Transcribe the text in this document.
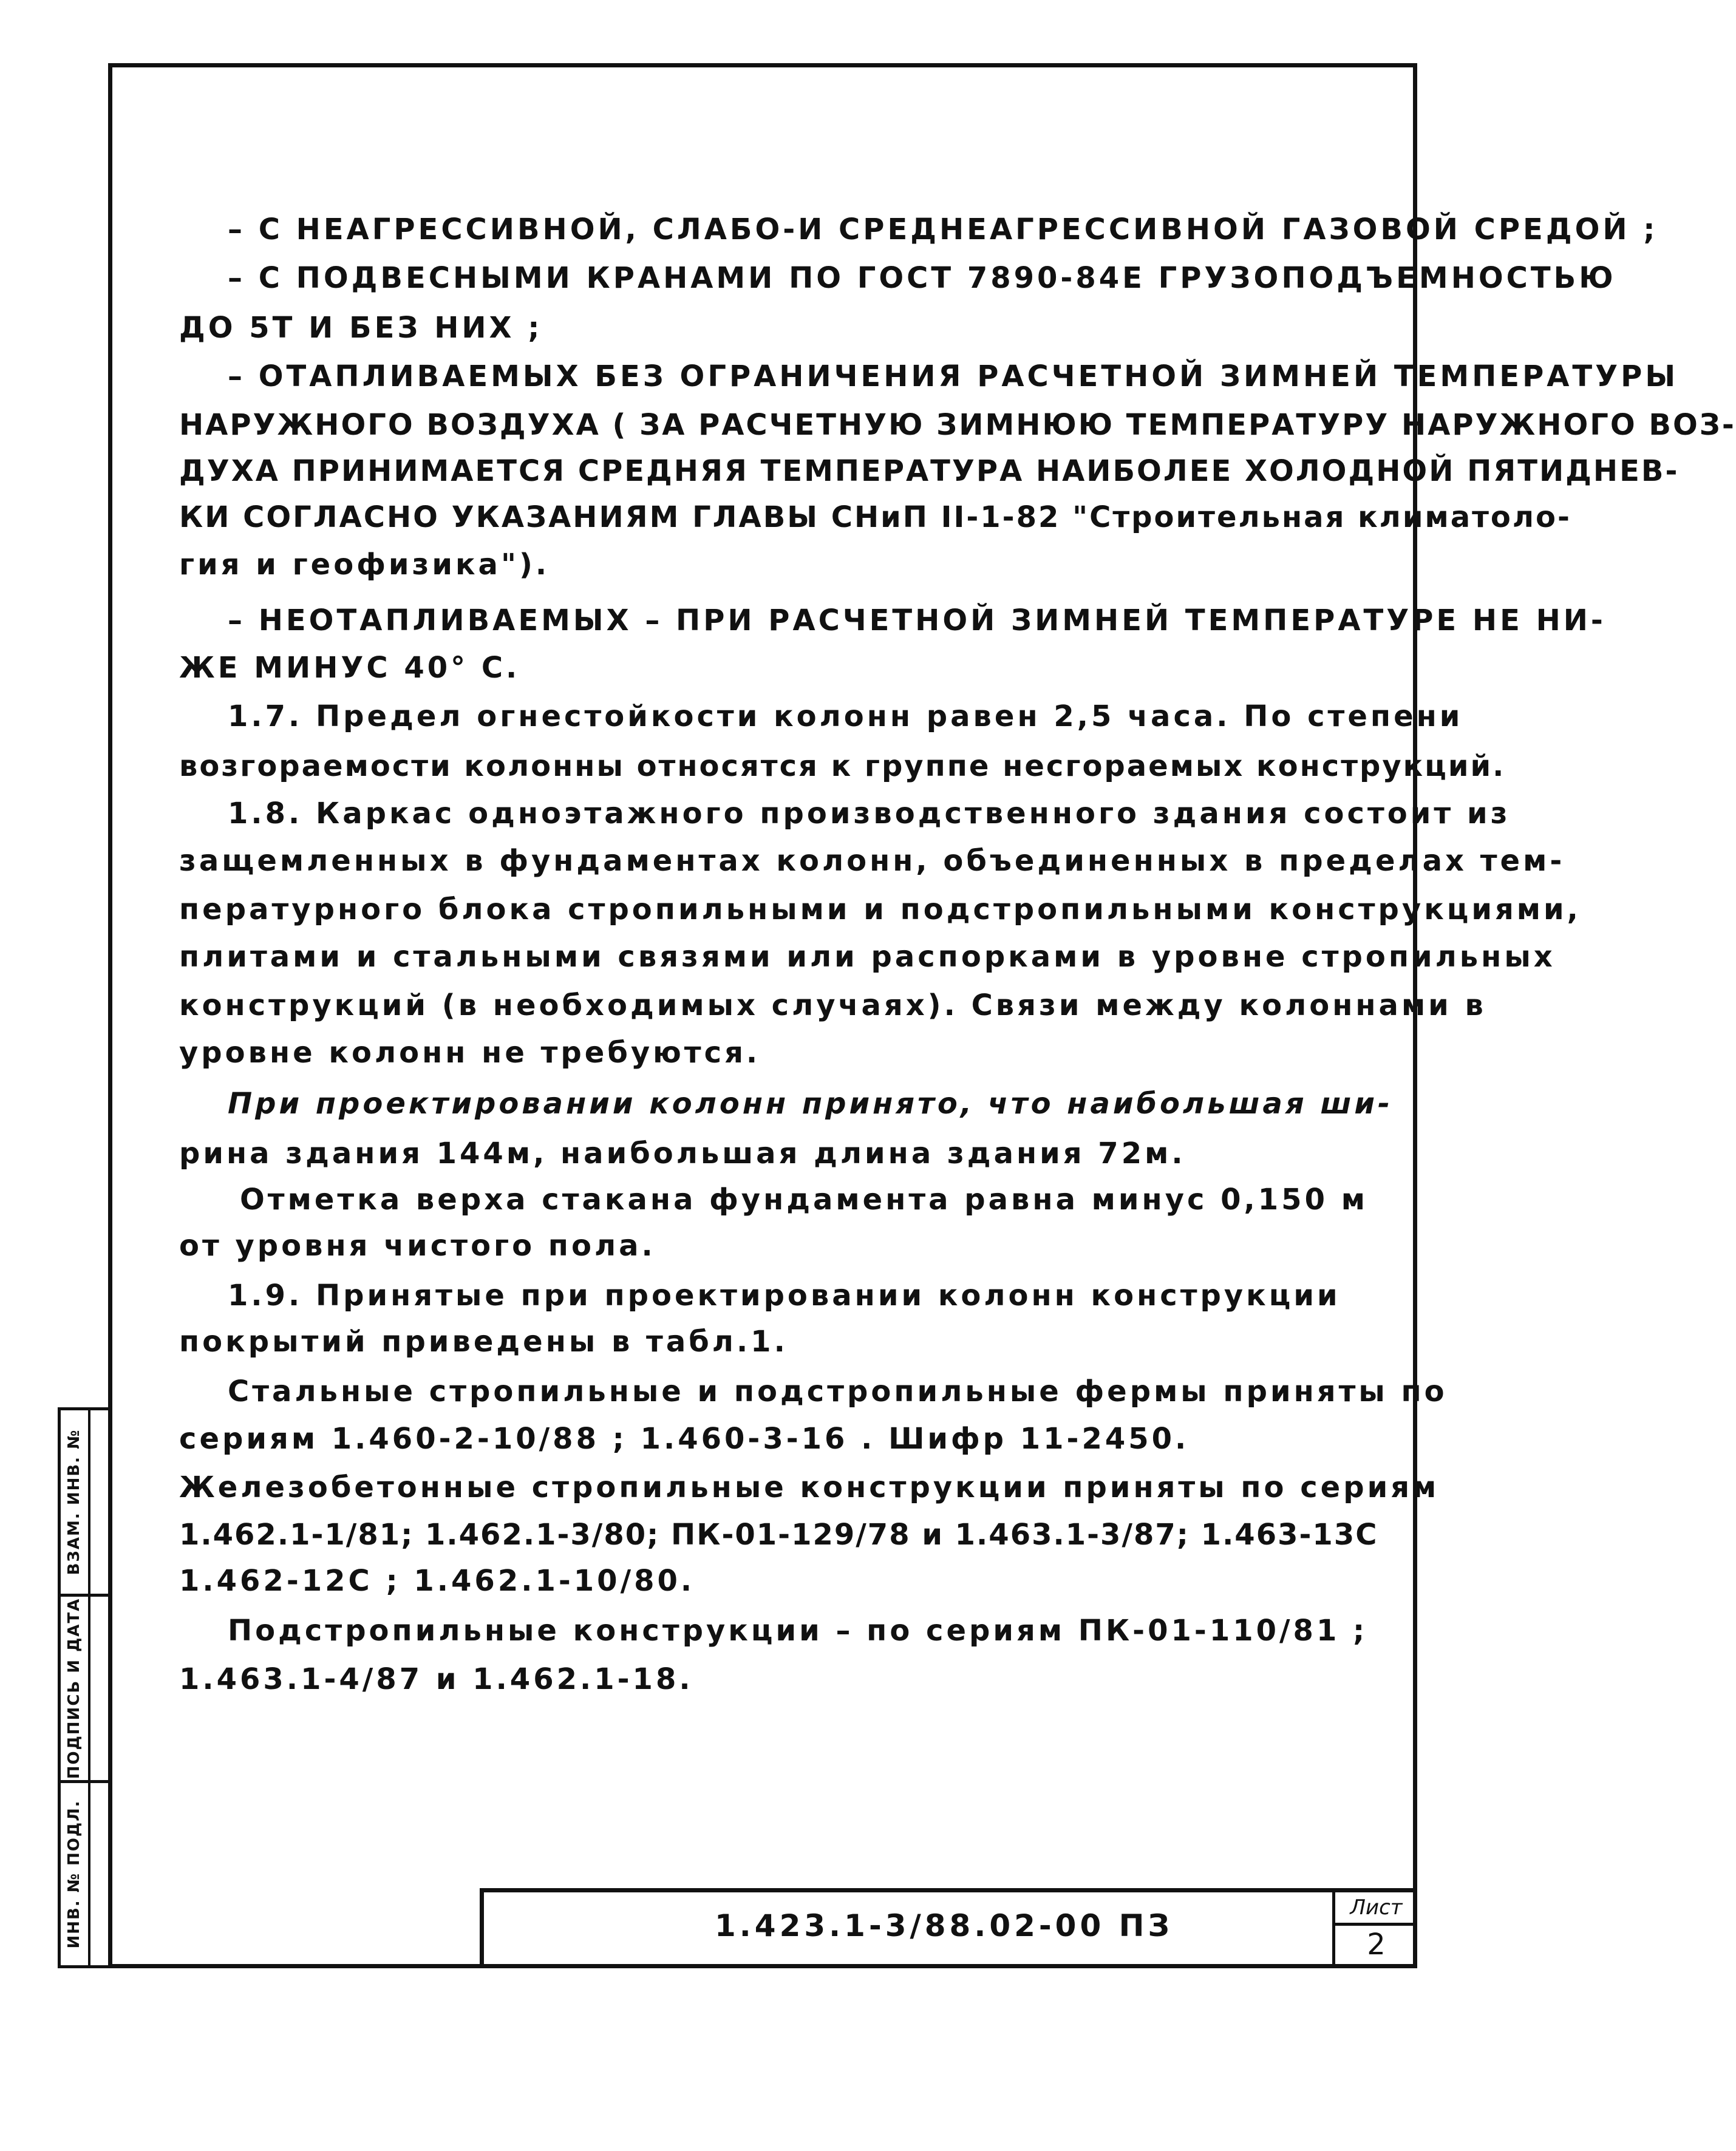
– С НЕАГРЕССИВНОЙ, СЛАБО-И СРЕДНЕАГРЕССИВНОЙ ГАЗОВОЙ СРЕДОЙ ;
– С ПОДВЕСНЫМИ КРАНАМИ ПО ГОСТ 7890-84Е ГРУЗОПОДЪЕМНОСТЬЮ
ДО 5Т И БЕЗ НИХ ;
– ОТАПЛИВАЕМЫХ БЕЗ ОГРАНИЧЕНИЯ РАСЧЕТНОЙ ЗИМНЕЙ ТЕМПЕРАТУРЫ
НАРУЖНОГО ВОЗДУХА ( ЗА РАСЧЕТНУЮ ЗИМНЮЮ ТЕМПЕРАТУРУ НАРУЖНОГО ВОЗ-
ДУХА ПРИНИМАЕТСЯ СРЕДНЯЯ ТЕМПЕРАТУРА НАИБОЛЕЕ ХОЛОДНОЙ ПЯТИДНЕВ-
КИ СОГЛАСНО УКАЗАНИЯМ ГЛАВЫ СНиП II-1-82 "Строительная климатоло-
гия и геофизика").
– НЕОТАПЛИВАЕМЫХ – ПРИ РАСЧЕТНОЙ ЗИМНЕЙ ТЕМПЕРАТУРЕ НЕ НИ-
ЖЕ МИНУС 40° С.
1.7. Предел огнестойкости колонн равен 2,5 часа. По степени
возгораемости колонны относятся к группе несгораемых конструкций.
1.8. Каркас одноэтажного производственного здания состоит из
защемленных в фундаментах колонн, объединенных в пределах тем-
пературного блока стропильными и подстропильными конструкциями,
плитами и стальными связями или распорками в уровне стропильных
конструкций (в необходимых случаях). Связи между колоннами в
уровне колонн не требуются.
При проектировании колонн принято, что наибольшая ши-
рина здания 144м, наибольшая длина здания 72м.
Отметка верха стакана фундамента равна минус 0,150 м
от уровня чистого пола.
1.9. Принятые при проектировании колонн конструкции
покрытий приведены в табл.1.
Стальные стропильные и подстропильные фермы приняты по
сериям 1.460-2-10/88 ; 1.460-3-16 . Шифр 11-2450.
Железобетонные стропильные конструкции приняты по сериям
1.462.1-1/81; 1.462.1-3/80; ПК-01-129/78 и 1.463.1-3/87; 1.463-13С
1.462-12С ; 1.462.1-10/80.
Подстропильные конструкции – по сериям ПК-01-110/81 ;
1.463.1-4/87 и 1.462.1-18.
ВЗАМ. ИНВ. №
ПОДПИСЬ И ДАТА
ИНВ. № ПОДЛ.	1.423.1-3/88.02-00 ПЗ
Лист
2
